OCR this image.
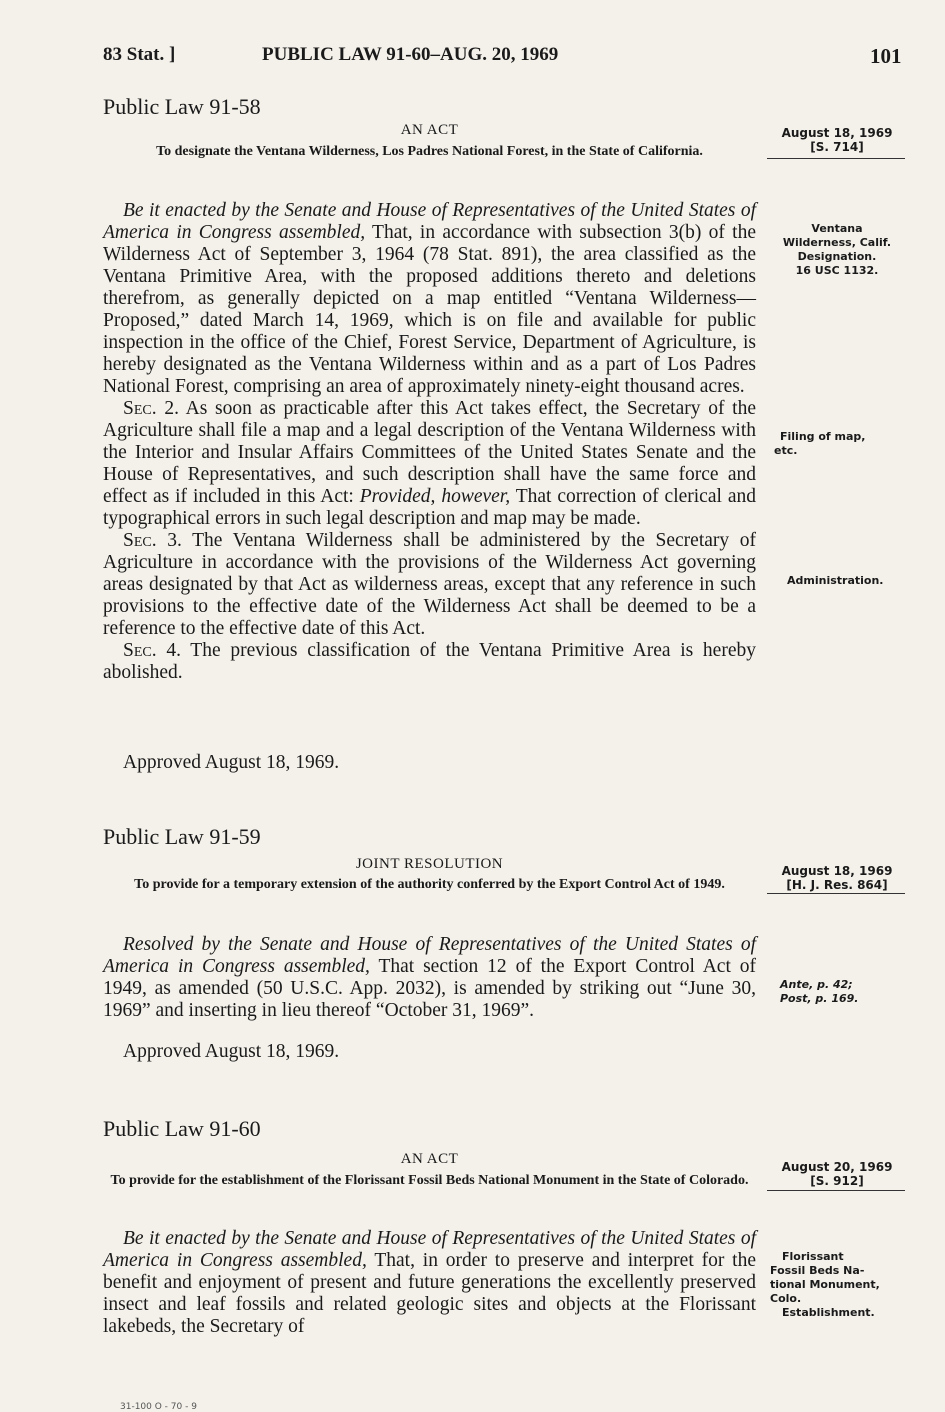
83 Stat. ]	PUBLIC LAW 91-60–AUG. 20, 1969	101
Public Law 91-58
AN ACT
To designate the Ventana Wilderness, Los Padres National Forest, in the State of California.
August 18, 1969
[S. 714]

Be it enacted by the Senate and House of Representatives of the United States of America in Congress assembled, That, in accordance with subsection 3(b) of the Wilderness Act of September 3, 1964 (78 Stat. 891), the area classified as the Ventana Primitive Area, with the proposed additions thereto and deletions therefrom, as generally depicted on a map entitled “Ventana Wilderness—Proposed,” dated March 14, 1969, which is on file and available for public inspection in the office of the Chief, Forest Service, Department of Agriculture, is hereby designated as the Ventana Wilderness within and as a part of Los Padres National Forest, comprising an area of approximately ninety-eight thousand acres.

Sec. 2. As soon as practicable after this Act takes effect, the Secretary of the Agriculture shall file a map and a legal description of the Ventana Wilderness with the Interior and Insular Affairs Committees of the United States Senate and the House of Representatives, and such description shall have the same force and effect as if included in this Act: Provided, however, That correction of clerical and typographical errors in such legal description and map may be made.

Sec. 3. The Ventana Wilderness shall be administered by the Secretary of Agriculture in accordance with the provisions of the Wilderness Act governing areas designated by that Act as wilderness areas, except that any reference in such provisions to the effective date of the Wilderness Act shall be deemed to be a reference to the effective date of this Act.

Sec. 4. The previous classification of the Ventana Primitive Area is hereby abolished.

Approved August 18, 1969.
Ventana
Wilderness, Calif.
Designation.
16 USC 1132.
Filing of map,
etc.
Administration.
Public Law 91-59
JOINT RESOLUTION
To provide for a temporary extension of the authority conferred by the Export Control Act of 1949.
August 18, 1969
[H. J. Res. 864]

Resolved by the Senate and House of Representatives of the United States of America in Congress assembled, That section 12 of the Export Control Act of 1949, as amended (50 U.S.C. App. 2032), is amended by striking out “June 30, 1969” and inserting in lieu thereof “October 31, 1969”.

Approved August 18, 1969.
Ante, p. 42;
Post, p. 169.
Public Law 91-60
AN ACT
To provide for the establishment of the Florissant Fossil Beds National Monument in the State of Colorado.
August 20, 1969
[S. 912]

Be it enacted by the Senate and House of Representatives of the United States of America in Congress assembled, That, in order to preserve and interpret for the benefit and enjoyment of present and future generations the excellently preserved insect and leaf fossils and related geologic sites and objects at the Florissant lakebeds, the Secretary of

Florissant
Fossil Beds Na-
tional Monument,
Colo.
Establishment.
31-100 O - 70 - 9
